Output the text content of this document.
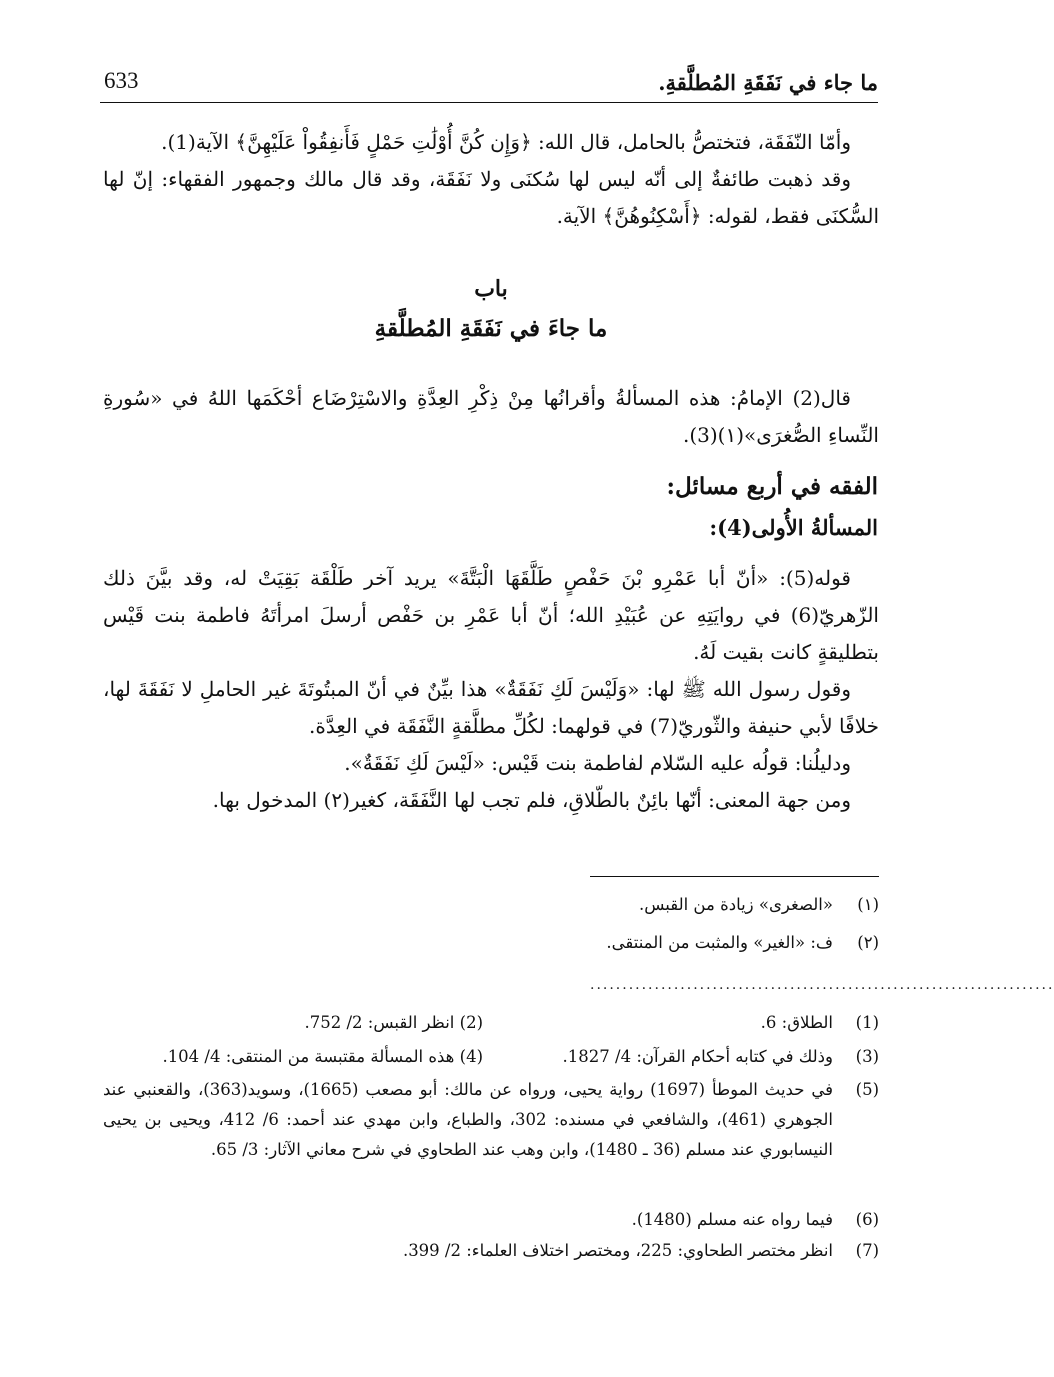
ما جاء في نَفَقَةِ المُطلَّقةِ.
633

وأمّا النّفَقَة، فتختصُّ بالحامل، قال الله: ﴿وَإِن كُنَّ أُوْلَٰتِ حَمْلٍ فَأَنفِقُواْ عَلَيْهِنَّ﴾ الآية(1).

وقد ذهبت طائفةٌ إلى أنّه ليس لها سُكنَى ولا نَفَقَة، وقد قال مالك وجمهور الفقهاء: إنّ لها السُّكنَى فقط، لقوله: ﴿أَسْكِنُوهُنَّ﴾ الآية.

باب
ما جاءَ في نَفَقَةِ المُطلَّقةِ

قال(2) الإمامُ: هذه المسألةُ وأقرانُها مِنْ ذِكْرِ العِدَّةِ والاسْتِرْضَاع أحْكَمَها اللهُ في «سُورةِ النِّساءِ الصُّغرَى»(١)(3).

الفقه في أربع مسائل:
المسألةُ الأُولى(4):

قوله(5): «أنّ أبا عَمْرِو بْنَ حَفْصٍ طَلَّقَهَا الْبَتَّةَ» يريد آخر طَلْقَة بَقِيَتْ له، وقد بيَّنَ ذلك الزّهريّ(6) في روايَتِهِ عن عُبَيْدِ الله؛ أنّ أبا عَمْرِ بن حَفْص أرسلَ امرأتَهُ فاطمة بنت قَيْس بتطليقةٍ كانت بقيت لَهُ.

وقول رسول الله ﷺ لها: «وَلَيْسَ لَكِ نَفَقَةٌ» هذا بيِّنٌ في أنّ المبتُوتَةَ غير الحاملِ لا نَفَقَةَ لها، خلافًا لأبي حنيفة والثّوريّ(7) في قولهما: لكُلِّ مطلَّقةٍ النَّفَقَة في العِدَّة.

ودليلُنا: قولُه عليه السّلام لفاطمة بنت قَيْس: «لَيْسَ لَكِ نَفَقَةٌ».

ومن جهة المعنى: أنّها بائِنٌ بالطّلاقِ، فلم تجب لها النَّفَقَة، كغير(٢) المدخول بها.

(١)
«الصغرى» زيادة من القبس.
(٢)
ف: «الغير» والمثبت من المنتقى.
........................................................................
(1)
الطلاق: 6.
(2) انظر القبس: 2/ 752.
(3)
وذلك في كتابه أحكام القرآن: 4/ 1827.
(4) هذه المسألة مقتبسة من المنتقى: 4/ 104.
(5)
في حديث الموطأ (1697) رواية يحيى، ورواه عن مالك: أبو مصعب (1665)، وسويد(363)، والقعنبي عند الجوهري (461)، والشافعي في مسنده: 302، والطباع، وابن مهدي عند أحمد: 6/ 412، ويحيى بن يحيى النيسابوري عند مسلم (36 ـ 1480)، وابن وهب عند الطحاوي في شرح معاني الآثار: 3/ 65.
(6)
فيما رواه عنه مسلم (1480).
(7)
انظر مختصر الطحاوي: 225، ومختصر اختلاف العلماء: 2/ 399.
